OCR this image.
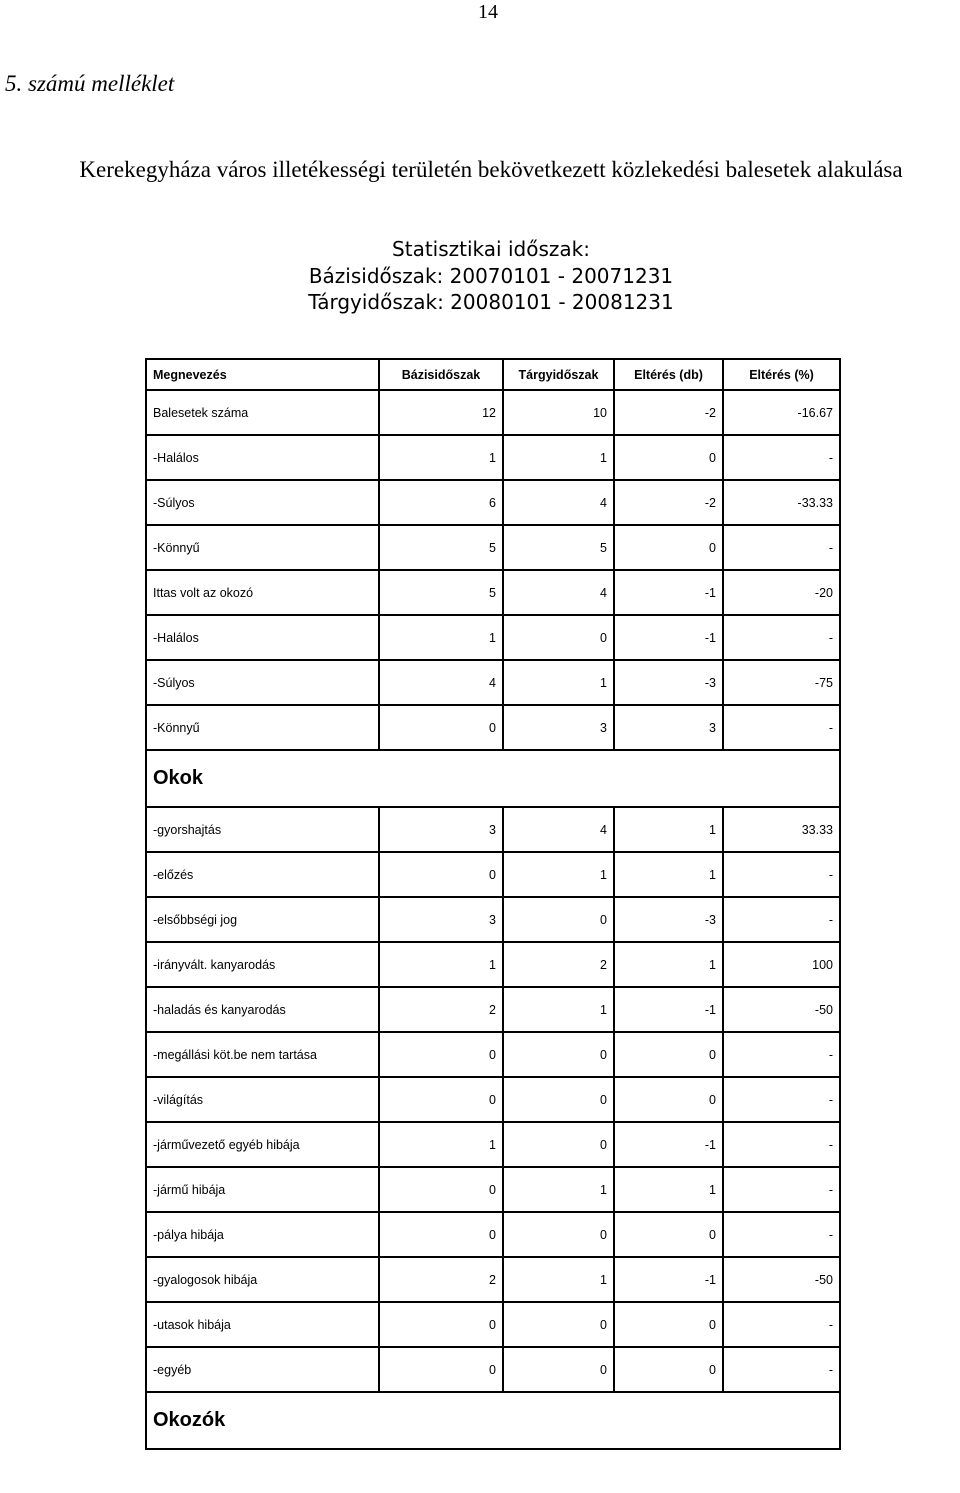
14
5. számú melléklet
Kerekegyháza város illetékességi területén bekövetkezett közlekedési balesetek alakulása
Statisztikai időszak:
Bázisidőszak: 20070101 - 20071231
Tárgyidőszak: 20080101 - 20081231
Megnevezés	Bázisidőszak	Tárgyidőszak	Eltérés (db)	Eltérés (%)
Balesetek száma	12	10	-2	-16.67
-Halálos	1	1	0	-
-Súlyos	6	4	-2	-33.33
-Könnyű	5	5	0	-
Ittas volt az okozó	5	4	-1	-20
-Halálos	1	0	-1	-
-Súlyos	4	1	-3	-75
-Könnyű	0	3	3	-
Okok				
-gyorshajtás	3	4	1	33.33
-előzés	0	1	1	-
-elsőbbségi jog	3	0	-3	-
-irányvált. kanyarodás	1	2	1	100
-haladás és kanyarodás	2	1	-1	-50
-megállási köt.be nem tartása	0	0	0	-
-világítás	0	0	0	-
-járművezető egyéb hibája	1	0	-1	-
-jármű hibája	0	1	1	-
-pálya hibája	0	0	0	-
-gyalogosok hibája	2	1	-1	-50
-utasok hibája	0	0	0	-
-egyéb	0	0	0	-
Okozók				
